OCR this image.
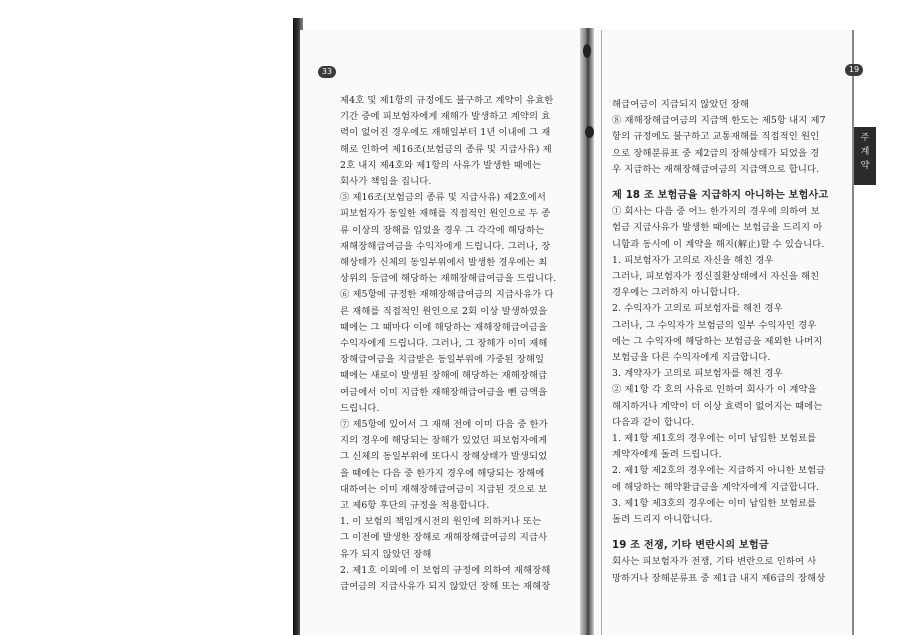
33	19
주
계
약

제4호 및 제1항의 규정에도 불구하고 계약이 유효한

기간 중에 피보험자에게 재해가 발생하고 계약의 효

력이 없어진 경우에도 재해일부터 1년 이내에 그 재

해로 인하여 제16조(보험금의 종류 및 지급사유) 제

2호 내지 제4호와 제1항의 사유가 발생한 때에는

회사가 책임을 집니다.

⑤ 제16조(보험금의 종류 및 지급사유) 제2호에서

피보험자가 동일한 재해를 직접적인 원인으로 두 종

류 이상의 장해를 입었을 경우 그 각각에 해당하는

재해장해급여금을 수익자에게 드립니다. 그러나, 장

해상태가 신체의 동일부위에서 발생한 경우에는 최

상위의 등급에 해당하는 재해장해급여금을 드립니다.

⑥ 제5항에 규정한 재해장해급여금의 지급사유가 다

른 재해를 직접적인 원인으로 2회 이상 발생하였을

때에는 그 때마다 이에 해당하는 재해장해급여금을

수익자에게 드립니다. 그러나, 그 장해가 이미 재해

장해급여금을 지급받은 동일부위에 가중된 장해일

때에는 새로이 발생된 장해에 해당하는 재해장해급

여금에서 이미 지급한 재해장해급여금을 뺀 금액을

드립니다.

⑦ 제5항에 있어서 그 재해 전에 이미 다음 중 한가

지의 경우에 해당되는 장해가 있었던 피보험자에게

그 신체의 동일부위에 또다시 장해상태가 발생되었

을 때에는 다음 중 한가지 경우에 해당되는 장해에

대하여는 이미 재해장해급여금이 지급된 것으로 보

고 제6항 후단의 규정을 적용합니다.

1. 이 보험의 책임개시전의 원인에 의하거나 또는

그 이전에 발생한 장해로 재해장해급여금의 지급사

유가 되지 않았던 장해

2. 제1호 이외에 이 보험의 규정에 의하여 재해장해

급여금의 지급사유가 되지 않았던 장해 또는 재해장

해급여금이 지급되지 않았던 장해

⑧ 재해장해급여금의 지급액 한도는 제5항 내지 제7

항의 규정에도 불구하고 교통재해를 직접적인 원인

으로 장해분류표 중 제2급의 장해상태가 되었을 경

우 지급하는 재해장해급여금의 지급액으로 합니다.

제 18 조 보험금을 지급하지 아니하는 보험사고

① 회사는 다음 중 어느 한가지의 경우에 의하여 보

험금 지급사유가 발생한 때에는 보험금을 드리지 아

니함과 동시에 이 계약을 해지(解止)할 수 있습니다.

1. 피보험자가 고의로 자신을 해친 경우

그러나, 피보험자가 정신질환상태에서 자신을 해친

경우에는 그러하지 아니합니다.

2. 수익자가 고의로 피보험자를 해친 경우

그러나, 그 수익자가 보험금의 일부 수익자인 경우

에는 그 수익자에 해당하는 보험금을 제외한 나머지

보험금을 다른 수익자에게 지급합니다.

3. 계약자가 고의로 피보험자를 해친 경우

② 제1항 각 호의 사유로 인하여 회사가 이 계약을

해지하거나 계약이 더 이상 효력이 없어지는 때에는

다음과 같이 합니다.

1. 제1항 제1호의 경우에는 이미 납입한 보험료를

계약자에게 돌려 드립니다.

2. 제1항 제2호의 경우에는 지급하지 아니한 보험금

에 해당하는 해약환급금을 계약자에게 지급합니다.

3. 제1항 제3호의 경우에는 이미 납입한 보험료를

돌려 드리지 아니합니다.

19 조 전쟁, 기타 변란시의 보험금

회사는 피보험자가 전쟁, 기타 변란으로 인하여 사

망하거나 장해분류표 중 제1급 내지 제6급의 장해상
